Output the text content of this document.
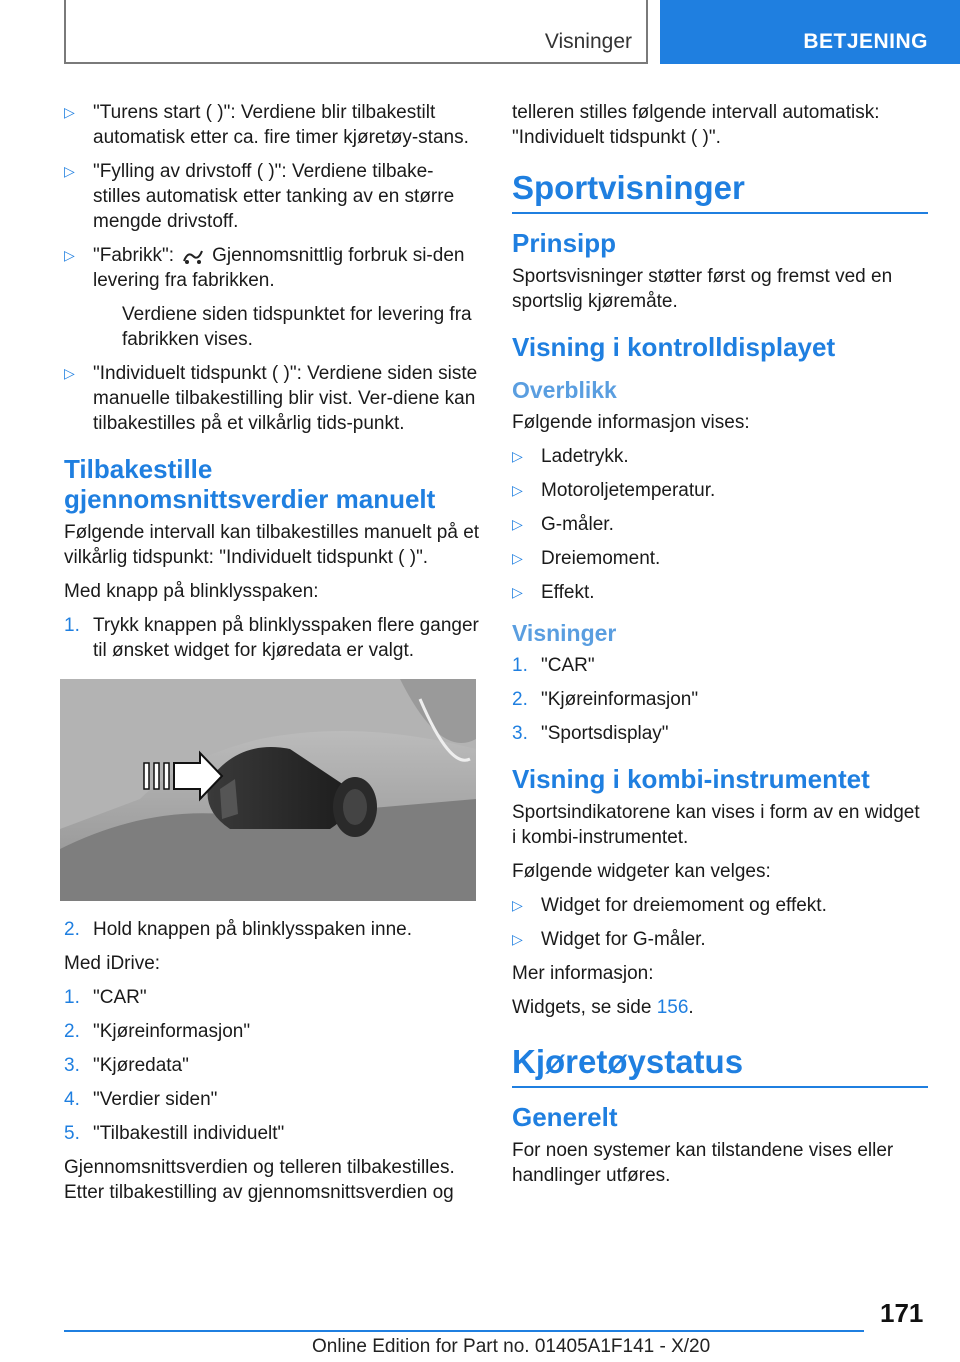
Visninger	BETJENING
▷ "Turens start ( )": Verdiene blir tilbakestilt automatisk etter ca. fire timer kjøretøy-stans.
▷ "Fylling av drivstoff ( )": Verdiene tilbake-stilles automatisk etter tanking av en større mengde drivstoff.
▷ "Fabrikk": Gjennomsnittlig forbruk si-den levering fra fabrikken.

Verdiene siden tidspunktet for levering fra fabrikken vises.

▷ "Individuelt tidspunkt ( )": Verdiene siden siste manuelle tilbakestilling blir vist. Ver-diene kan tilbakestilles på et vilkårlig tids-punkt.
Tilbakestille gjennomsnittsverdier manuelt

Følgende intervall kan tilbakestilles manuelt på et vilkårlig tidspunkt: "Individuelt tidspunkt ( )".

Med knapp på blinklysspaken:

1. Trykk knappen på blinklysspaken flere ganger til ønsket widget for kjøredata er valgt.
2. Hold knappen på blinklysspaken inne.

Med iDrive:

1. "CAR"
2. "Kjøreinformasjon"
3. "Kjøredata"
4. "Verdier siden"
5. "Tilbakestill individuelt"

Gjennomsnittsverdien og telleren tilbakestilles. Etter tilbakestilling av gjennomsnittsverdien og

telleren stilles følgende intervall automatisk: "Individuelt tidspunkt ( )".

Sportvisninger
Prinsipp

Sportsvisninger støtter først og fremst ved en sportslig kjøremåte.

Visning i kontrolldisplayet
Overblikk

Følgende informasjon vises:

▷ Ladetrykk.
▷ Motoroljetemperatur.
▷ G-måler.
▷ Dreiemoment.
▷ Effekt.
Visninger
1. "CAR"
2. "Kjøreinformasjon"
3. "Sportsdisplay"
Visning i kombi-instrumentet

Sportsindikatorene kan vises i form av en widget i kombi-instrumentet.

Følgende widgeter kan velges:

▷ Widget for dreiemoment og effekt.
▷ Widget for G-måler.

Mer informasjon:

Widgets, se side 156.

Kjøretøystatus
Generelt

For noen systemer kan tilstandene vises eller handlinger utføres.

171
Online Edition for Part no. 01405A1F141 - X/20
